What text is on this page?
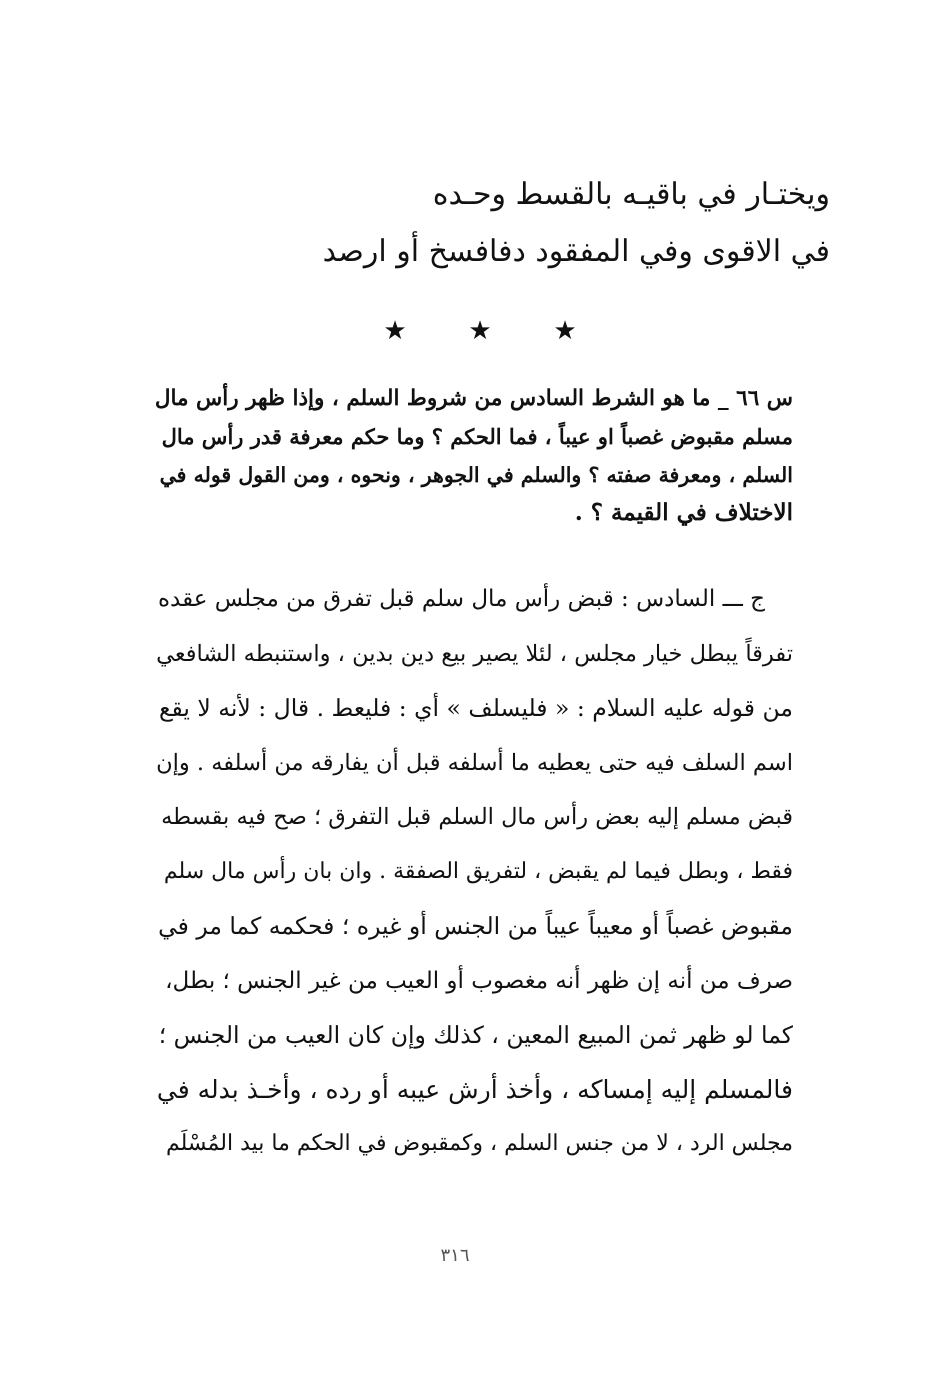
ويختـار في باقيـه بالقسط وحـده
في الاقوى وفي المفقود دفافسخ أو ارصد
★ ★ ★
س ٦٦ _ ما هو الشرط السادس من شروط السلم ، وإذا ظهر رأس مال
مسلم مقبوض غصباً او عيباً ، فما الحكم ؟ وما حكم معرفة قدر رأس مال
السلم ، ومعرفة صفته ؟ والسلم في الجوهر ، ونحوه ، ومن القول قوله في
الاختلاف في القيمة ؟ .
ج ـــ السادس : قبض رأس مال سلم قبل تفرق من مجلس عقده
تفرقاً يبطل خيار مجلس ، لئلا يصير بيع دين بدين ، واستنبطه الشافعي
من قوله عليه السلام : « فليسلف » أي : فليعط . قال : لأنه لا يقع
اسم السلف فيه حتى يعطيه ما أسلفه قبل أن يفارقه من أسلفه . وإن
قبض مسلم إليه بعض رأس مال السلم قبل التفرق ؛ صح فيه بقسطه
فقط ، وبطل فيما لم يقبض ، لتفريق الصفقة . وان بان رأس مال سلم
مقبوض غصباً أو معيباً عيباً من الجنس أو غيره ؛ فحكمه كما مر في
صرف من أنه إن ظهر أنه مغصوب أو العيب من غير الجنس ؛ بطل،
كما لو ظهر ثمن المبيع المعين ، كذلك وإن كان العيب من الجنس ؛
فالمسلم إليه إمساكه ، وأخذ أرش عيبه أو رده ، وأخـذ بدله في
مجلس الرد ، لا من جنس السلم ، وكمقبوض في الحكم ما بيد المُسْلَم
٣١٦
